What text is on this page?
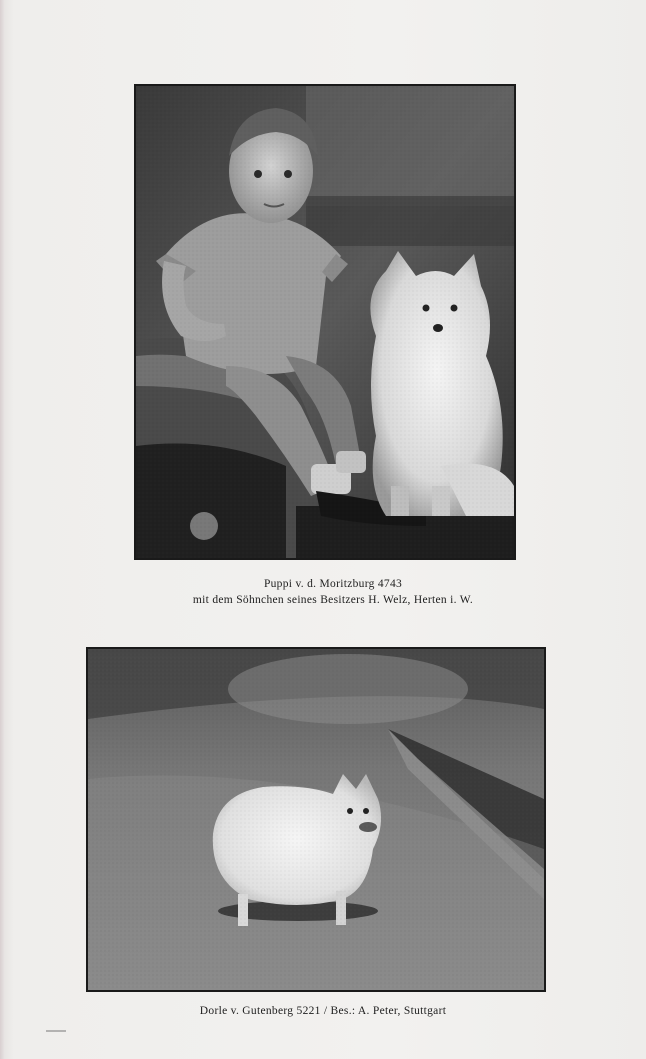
Puppi v. d. Moritzburg 4743
mit dem Söhnchen seines Besitzers H. Welz, Herten i. W.
Dorle v. Gutenberg 5221 / Bes.: A. Peter, Stuttgart
